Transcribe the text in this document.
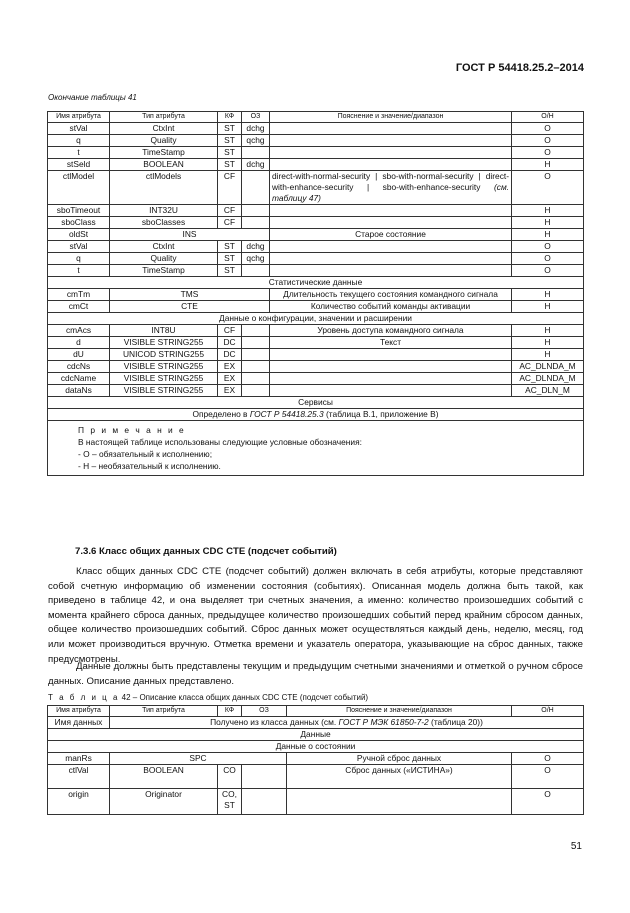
ГОСТ Р 54418.25.2–2014
Окончание таблицы 41
Имя атрибута	Тип атрибута	КФ	ОЗ	Пояснение и значение/диапазон	О/Н
stVal	CtxInt	ST	dchg		O
q	Quality	ST	qchg		O
t	TimeStamp	ST			O
stSeld	BOOLEAN	ST	dchg		Н
ctlModel	ctlModels	CF		direct-with-normal-security | sbo-with-normal-security | direct-with-enhance-security | sbo-with-enhance-security (см. таблицу 47)	O
sboTimeout	INT32U	CF			Н
sboClass	sboClasses	CF			Н
oldSt	INS			Старое состояние	Н
stVal	CtxInt	ST	dchg		O
q	Quality	ST	qchg		O
t	TimeStamp	ST			O
Статистические данные					
cmTm	TMS			Длительность текущего состояния командного сигнала	Н
cmCt	CTE			Количество событий команды активации	Н
Данные о конфигурации, значении и расширении					
cmAcs	INT8U	CF		Уровень доступа командного сигнала	Н
d	VISIBLE STRING255	DC		Текст	Н
dU	UNICOD STRING255	DC			Н
cdcNs	VISIBLE STRING255	EX			AC_DLNDA_M
cdcName	VISIBLE STRING255	EX			AC_DLNDA_M
dataNs	VISIBLE STRING255	EX			AC_DLN_M
Сервисы					
Определено в ГОСТ Р 54418.25.3 (таблица В.1, приложение В)					

П р и м е ч а н и е
В настоящей таблице использованы следующие условные обозначения:
- О – обязательный к исполнению;
- Н – необязательный к исполнению.					
7.3.6 Класс общих данных CDC CTE (подсчет событий)

Класс общих данных CDC CTE (подсчет событий) должен включать в себя атрибуты, которые представляют собой счетную информацию об изменении состояния (событиях). Описанная модель должна быть такой, как приведено в таблице 42, и она выделяет три счетных значения, а именно: количество произошедших событий с момента крайнего сброса данных, предыдущее количество произошедших событий перед крайним сбросом данных, общее количество произошедших событий. Сброс данных может осуществляться каждый день, неделю, месяц, год или может производиться вручную. Отметка времени и указатель оператора, указывающие на сброс данных, также предусмотрены.

Данные должны быть представлены текущим и предыдущим счетными значениями и отметкой о ручном сбросе данных. Описание данных представлено.

Т а б л и ц а 42 – Описание класса общих данных CDC CTE (подсчет событий)
Имя атрибута	Тип атрибута	КФ	ОЗ	Пояснение и значение/диапазон	О/Н
Имя данных	Получено из класса данных (см. ГОСТ Р МЭК 61850-7-2 (таблица 20))				
Данные					
Данные о состоянии					
manRs	SPC			Ручной сброс данных	O
ctlVal	BOOLEAN	CO		Сброс данных («ИСТИНА»)	O
origin	Originator	CO, ST			O
51
